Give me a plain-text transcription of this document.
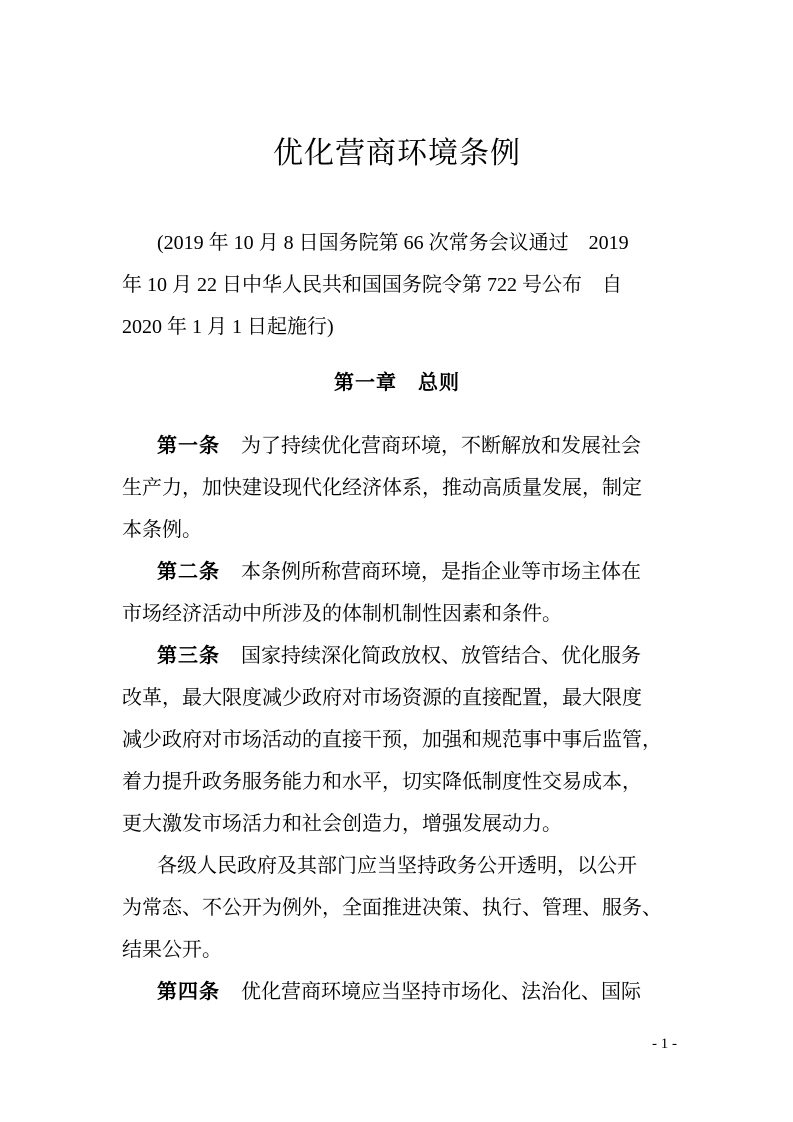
优化营商环境条例
(2019 年 10 月 8 日国务院第 66 次常务会议通过　2019
年 10 月 22 日中华人民共和国国务院令第 722 号公布　自
2020 年 1 月 1 日起施行)
第一章　总则
第一条 为了持续优化营商环境，不断解放和发展社会
生产力，加快建设现代化经济体系，推动高质量发展，制定
本条例。
第二条 本条例所称营商环境，是指企业等市场主体在
市场经济活动中所涉及的体制机制性因素和条件。
第三条 国家持续深化简政放权、放管结合、优化服务
改革，最大限度减少政府对市场资源的直接配置，最大限度
减少政府对市场活动的直接干预，加强和规范事中事后监管，
着力提升政务服务能力和水平，切实降低制度性交易成本，
更大激发市场活力和社会创造力，增强发展动力。
各级人民政府及其部门应当坚持政务公开透明，以公开
为常态、不公开为例外，全面推进决策、执行、管理、服务、
结果公开。
第四条 优化营商环境应当坚持市场化、法治化、国际
- 1 -
